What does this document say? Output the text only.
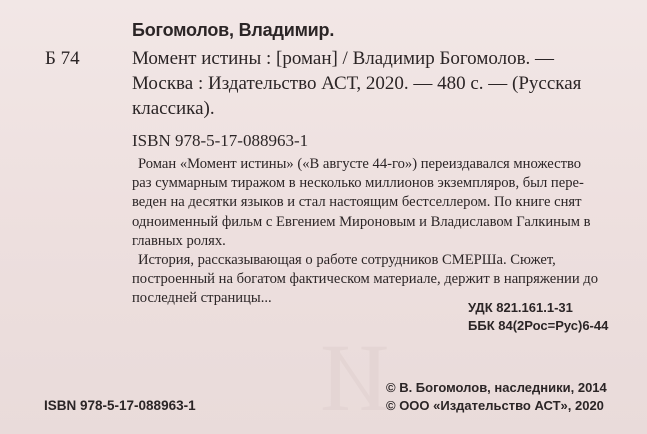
И
Богомолов, Владимир.
Б 74	Момент истины : [роман] / Владимир Богомолов. —
Москва : Издательство АСТ, 2020. — 480 с. — (Русская
классика).
ISBN 978-5-17-088963-1
Роман «Момент истины» («В августе 44-го») переиздавался множество
раз суммарным тиражом в несколько миллионов экземпляров, был пере-
веден на десятки языков и стал настоящим бестселлером. По книге снят
одноименный фильм с Евгением Мироновым и Владиславом Галкиным в
главных ролях.
История, рассказывающая о работе сотрудников СМЕРШа. Сюжет,
построенный на богатом фактическом материале, держит в напряжении до
последней страницы...
УДК 821.161.1-31
ББК 84(2Рос=Рус)6-44
ISBN 978-5-17-088963-1
© В. Богомолов, наследники, 2014
© ООО «Издательство АСТ», 2020
